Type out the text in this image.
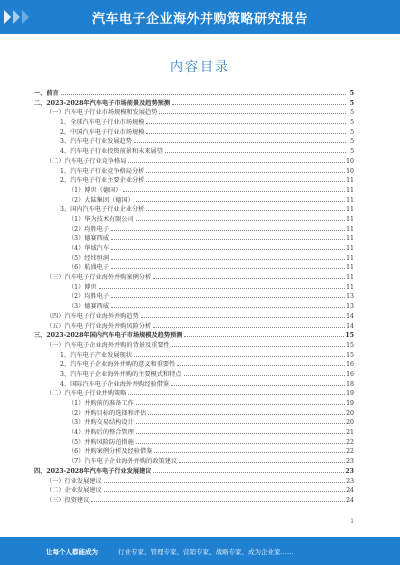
汽车电子企业海外并购策略研究报告
内容目录
一、前言	5
二、2023-2028年汽车电子市场前景及趋势预测	5
（一）汽车电子行业市场规模和发展趋势	5
1、全球汽车电子行业市场规模	5
2、中国汽车电子行业市场规模	5
3、汽车电子行业发展趋势	5
4、汽车电子行业投资前景和未来展望	5
（二）汽车电子行业竞争格局	10
1、汽车电子行业竞争格局分析	10
2、汽车电子行业主要企业分析	11
（1）博世（德国）	11
（2）大陆集团（德国）	11
3、国内汽车电子行业企业分析	11
（1）华为技术有限公司	11
（2）均胜电子	11
（3）德赛西威	11
（4）华域汽车	11
（5）经纬恒润	11
（6）航盛电子	11
（三）汽车电子行业海外并购案例分析	11
（1）博世	11
（2）均胜电子	13
（3）德赛西威	13
（四）汽车电子行业海外并购趋势	14
（五）汽车电子行业海外并购风险分析	14
三、2023-2028年国内汽车电子市场规模及趋势预测	15
（一）汽车电子企业海外并购的背景及重要性	15
1、汽车电子产业发展现状	15
2、汽车电子企业海外并购的意义和重要性	16
3、汽车电子企业海外并购的主要模式和特点	16
4、国际汽车电子企业海外并购经验借鉴	18
（二）汽车电子行业并购策略	19
（1）并购前的准备工作	19
（2）并购目标的选择和评估	20
（3）并购交易结构设计	20
（4）并购后的整合管理	21
（5）并购风险防范措施	22
（6）并购案例分析及经验借鉴	22
（7）汽车电子企业海外并购的政策建议	23
四、2023-2028年汽车电子行业发展建议	23
（一）行业发展建议	23
（二）企业发展建议	24
（三）投资建议	24
1
让每个人都能成为	行业专家、管理专家、营销专家、战略专家、成为企业家……
